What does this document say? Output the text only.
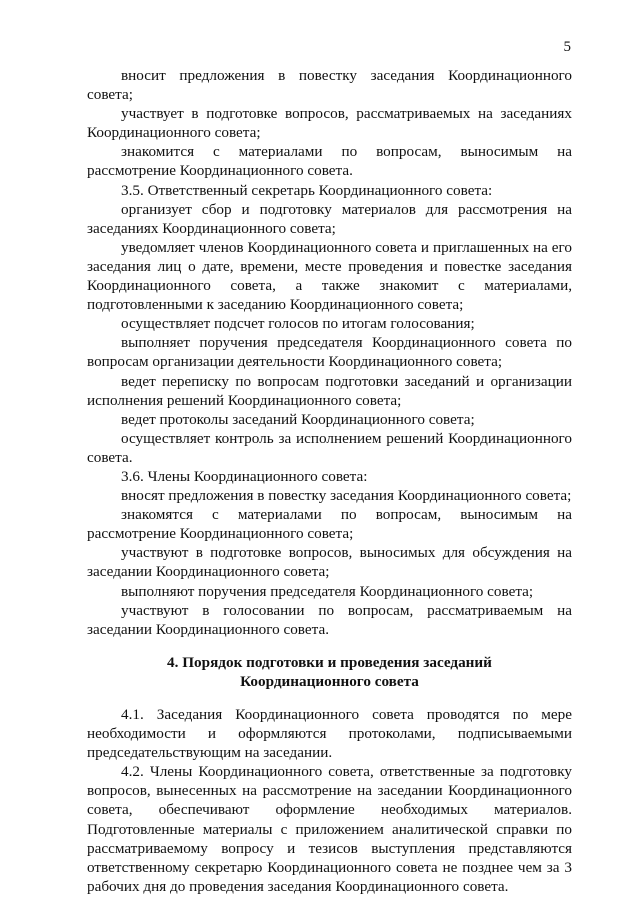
5

вносит предложения в повестку заседания Координационного совета;

участвует в подготовке вопросов, рассматриваемых на заседаниях Координационного совета;

знакомится с материалами по вопросам, выносимым на рассмотрение Координационного совета.

3.5. Ответственный секретарь Координационного совета:

организует сбор и подготовку материалов для рассмотрения на заседаниях Координационного совета;

уведомляет членов Координационного совета и приглашенных на его заседания лиц о дате, времени, месте проведения и повестке заседания Координационного совета, а также знакомит с материалами, подготовленными к заседанию Координационного совета;

осуществляет подсчет голосов по итогам голосования;

выполняет поручения председателя Координационного совета по вопросам организации деятельности Координационного совета;

ведет переписку по вопросам подготовки заседаний и организации исполнения решений Координационного совета;

ведет протоколы заседаний Координационного совета;

осуществляет контроль за исполнением решений Координационного совета.

3.6. Члены Координационного совета:

вносят предложения в повестку заседания Координационного совета;

знакомятся с материалами по вопросам, выносимым на рассмотрение Координационного совета;

участвуют в подготовке вопросов, выносимых для обсуждения на заседании Координационного совета;

выполняют поручения председателя Координационного совета;

участвуют в голосовании по вопросам, рассматриваемым на заседании Координационного совета.

4. Порядок подготовки и проведения заседаний
Координационного совета

4.1. Заседания Координационного совета проводятся по мере необходимости и оформляются протоколами, подписываемыми председательствующим на заседании.

4.2. Члены Координационного совета, ответственные за подготовку вопросов, вынесенных на рассмотрение на заседании Координационного совета, обеспечивают оформление необходимых материалов. Подготовленные материалы с приложением аналитической справки по рассматриваемому вопросу и тезисов выступления представляются ответственному секретарю Координационного совета не позднее чем за 3 рабочих дня до проведения заседания Координационного совета.
